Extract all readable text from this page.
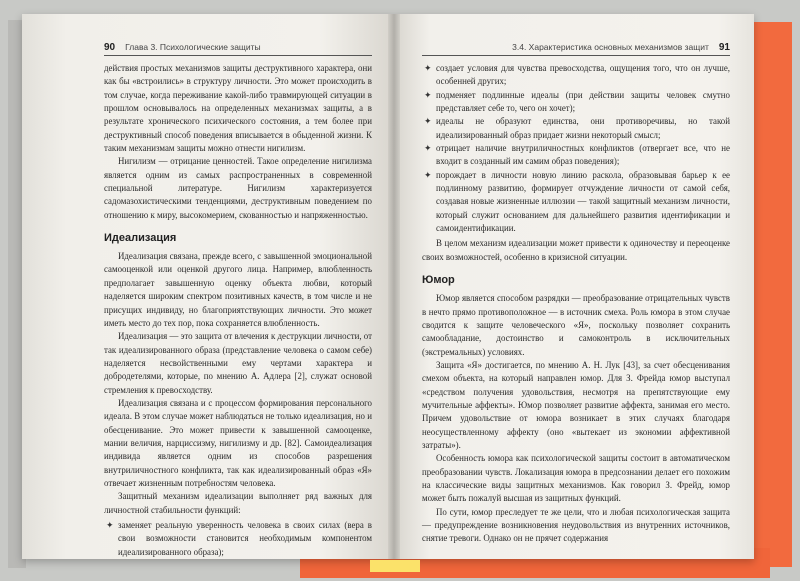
90 Глава 3. Психологические защиты

действия простых механизмов защиты деструктивного характера, они как бы «встроились» в структуру личности. Это может происходить в том случае, когда переживание какой-либо травмирующей ситуации в прошлом основывалось на определенных механизмах защиты, а в результате хронического психического состояния, а тем более при деструктивный способ поведения вписывается в обыденной жизни. К таким механизмам защиты можно отнести нигилизм.

Нигилизм — отрицание ценностей. Такое определение нигилизма является одним из самых распространенных в современной специальной литературе. Нигилизм характеризуется садомазохистическими тенденциями, деструктивным поведением по отношению к миру, высокомерием, скованностью и напряженностью.

Идеализация

Идеализация связана, прежде всего, с завышенной эмоциональной самооценкой или оценкой другого лица. Например, влюбленность предполагает завышенную оценку объекта любви, который наделяется широким спектром позитивных качеств, в том числе и не присущих индивиду, но благоприятствующих личности. Это может иметь место до тех пор, пока сохраняется влюбленность.

Идеализация — это защита от влечения к деструкции личности, от так идеализированного образа (представление человека о самом себе) наделяется несвойственными ему чертами характера и добродетелями, которые, по мнению А. Адлера [2], служат основой стремления к превосходству.

Идеализация связана и с процессом формирования персонального идеала. В этом случае может наблюдаться не только идеализация, но и обесценивание. Это может привести к завышенной самооценке, мании величия, нарциссизму, нигилизму и др. [82]. Самоидеализация индивида является одним из способов разрешения внутриличностного конфликта, так как идеализированный образ «Я» отвечает жизненным потребностям человека.

Защитный механизм идеализации выполняет ряд важных для личностной стабильности функций:

✦ заменяет реальную уверенность человека в своих силах (вера в свои возможности становится необходимым компонентом идеализированного образа);
3.4. Характеристика основных механизмов защит 91
✦ создает условия для чувства превосходства, ощущения того, что он лучше, особенней других;
✦ подменяет подлинные идеалы (при действии защиты человек смутно представляет себе то, чего он хочет);
✦ идеалы не образуют единства, они противоречивы, но такой идеализированный образ придает жизни некоторый смысл;
✦ отрицает наличие внутриличностных конфликтов (отвергает все, что не входит в созданный им самим образ поведения);
✦ порождает в личности новую линию раскола, образовывая барьер к ее подлинному развитию, формирует отчуждение личности от самой себя, создавая новые жизненные иллюзии — такой защитный механизм личности, который служит основанием для дальнейшего развития идентификации и самоидентификации.

В целом механизм идеализации может привести к одиночеству и переоценке своих возможностей, особенно в кризисной ситуации.

Юмор

Юмор является способом разрядки — преобразование отрицательных чувств в нечто прямо противоположное — в источник смеха. Роль юмора в этом случае сводится к защите человеческого «Я», поскольку позволяет сохранить самообладание, достоинство и самоконтроль в исключительных (экстремальных) условиях.

Защита «Я» достигается, по мнению А. Н. Лук [43], за счет обесценивания смехом объекта, на который направлен юмор. Для З. Фрейда юмор выступал «средством получения удовольствия, несмотря на препятствующие ему мучительные аффекты». Юмор позволяет развитие аффекта, занимая его место. Причем удовольствие от юмора возникает в этих случаях благодаря неосуществленному аффекту (оно «вытекает из экономии аффективной затраты»).

Особенность юмора как психологической защиты состоит в автоматическом преобразовании чувств. Локализация юмора в предсознании делает его похожим на классические виды защитных механизмов. Как говорил З. Фрейд, юмор может быть пожалуй высшая из защитных функций.

По сути, юмор преследует те же цели, что и любая психологическая защита — предупреждение возникновения неудовольствия из внутренних источников, снятие тревоги. Однако он не прячет содержания
